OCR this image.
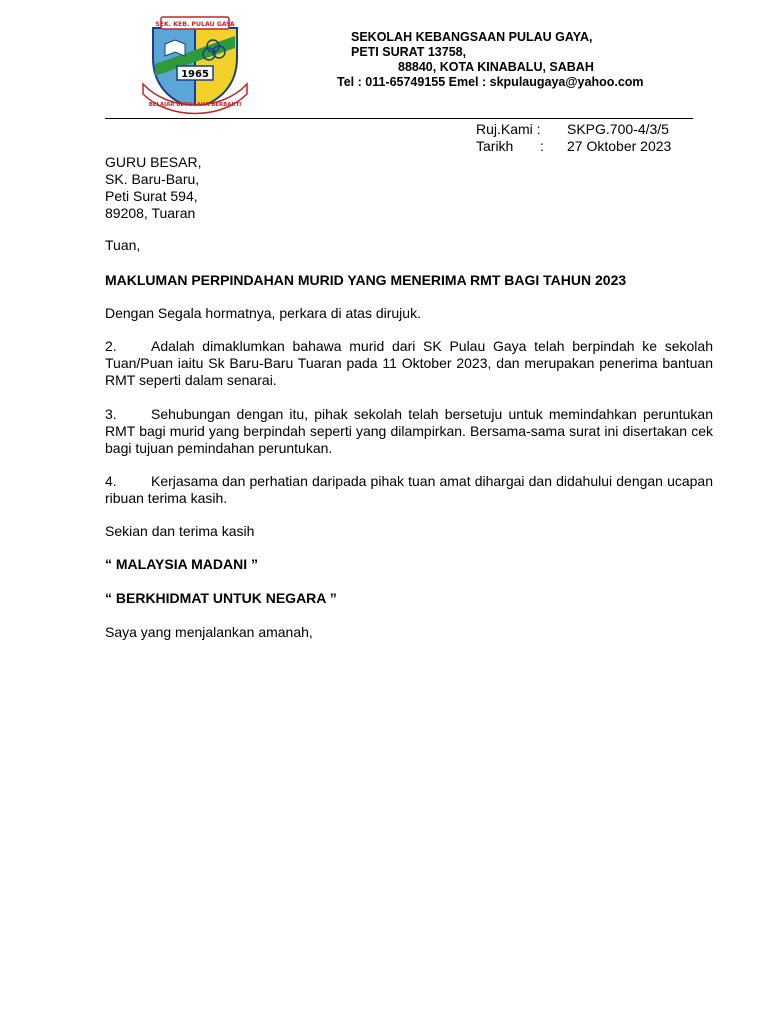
SEK. KEB. PULAU GAYA
1965
BELAJAR BERUSAHA BERBAKTI
SEKOLAH KEBANGSAAN PULAU GAYA,
PETI SURAT 13758,
88840, KOTA KINABALU, SABAH
Tel : 011-65749155 Emel : skpulaugaya@yahoo.com
Ruj.Kami :	SKPG.700-4/3/5
Tarikh	:	27 Oktober 2023
GURU BESAR,
SK. Baru-Baru,
Peti Surat 594,
89208, Tuaran
Tuan,
MAKLUMAN PERPINDAHAN MURID YANG MENERIMA RMT BAGI TAHUN 2023
Dengan Segala hormatnya, perkara di atas dirujuk.
2. Adalah dimaklumkan bahawa murid dari SK Pulau Gaya telah berpindah ke sekolah Tuan/Puan iaitu Sk Baru-Baru Tuaran pada 11 Oktober 2023, dan merupakan penerima bantuan RMT seperti dalam senarai.
3. Sehubungan dengan itu, pihak sekolah telah bersetuju untuk memindahkan peruntukan RMT bagi murid yang berpindah seperti yang dilampirkan. Bersama-sama surat ini disertakan cek bagi tujuan pemindahan peruntukan.
4. Kerjasama dan perhatian daripada pihak tuan amat dihargai dan didahului dengan ucapan ribuan terima kasih.
Sekian dan terima kasih
“ MALAYSIA MADANI ”
“ BERKHIDMAT UNTUK NEGARA ”
Saya yang menjalankan amanah,
